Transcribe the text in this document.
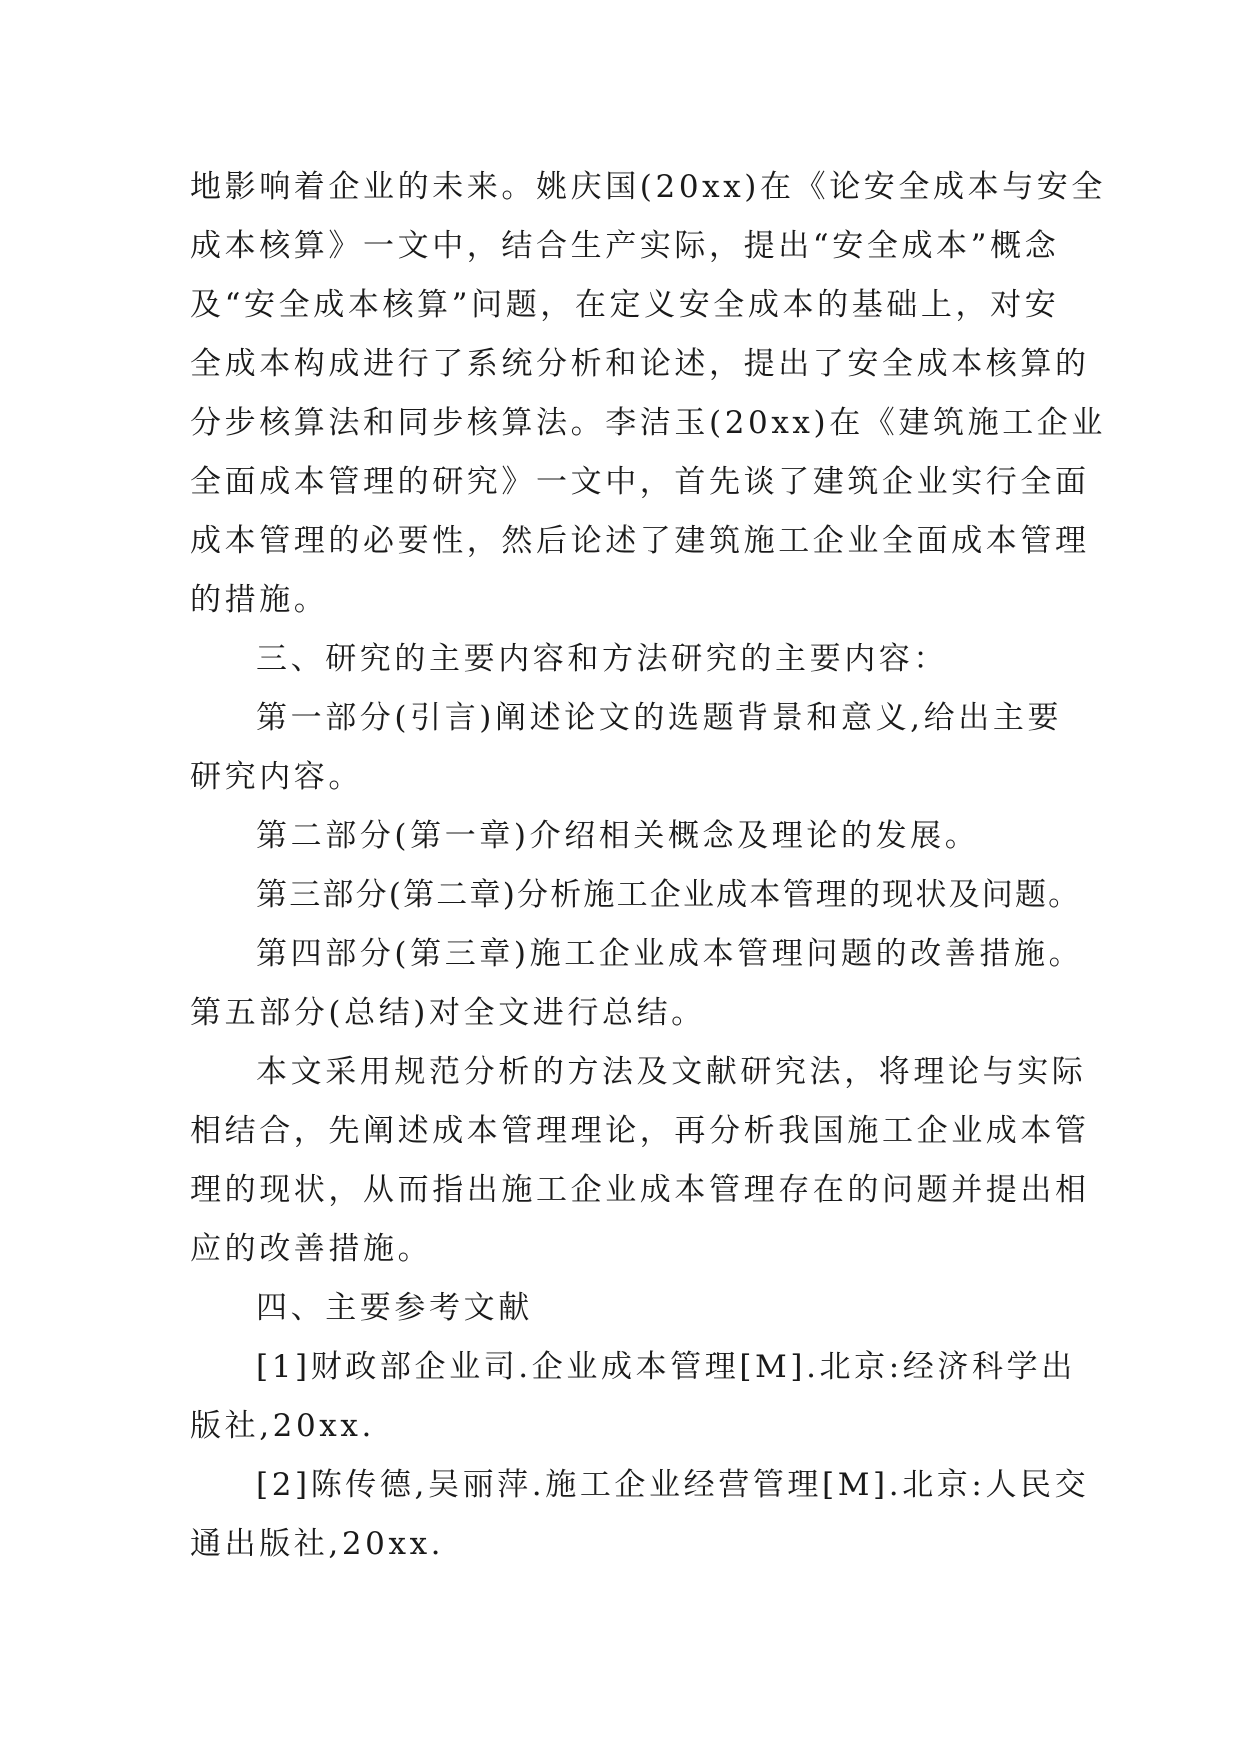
地影响着企业的未来。姚庆国(20xx)在《论安全成本与安全
成本核算》一文中，结合生产实际，提出“安全成本”概念
及“安全成本核算”问题，在定义安全成本的基础上，对安
全成本构成进行了系统分析和论述，提出了安全成本核算的
分步核算法和同步核算法。李洁玉(20xx)在《建筑施工企业
全面成本管理的研究》一文中，首先谈了建筑企业实行全面
成本管理的必要性，然后论述了建筑施工企业全面成本管理
的措施。
三、研究的主要内容和方法研究的主要内容：
第一部分(引言)阐述论文的选题背景和意义,给出主要
研究内容。
第二部分(第一章)介绍相关概念及理论的发展。
第三部分(第二章)分析施工企业成本管理的现状及问题。
第四部分(第三章)施工企业成本管理问题的改善措施。
第五部分(总结)对全文进行总结。
本文采用规范分析的方法及文献研究法，将理论与实际
相结合，先阐述成本管理理论，再分析我国施工企业成本管
理的现状，从而指出施工企业成本管理存在的问题并提出相
应的改善措施。
四、主要参考文献
[1]财政部企业司.企业成本管理[M].北京:经济科学出
版社,20xx.
[2]陈传德,吴丽萍.施工企业经营管理[M].北京:人民交
通出版社,20xx.
